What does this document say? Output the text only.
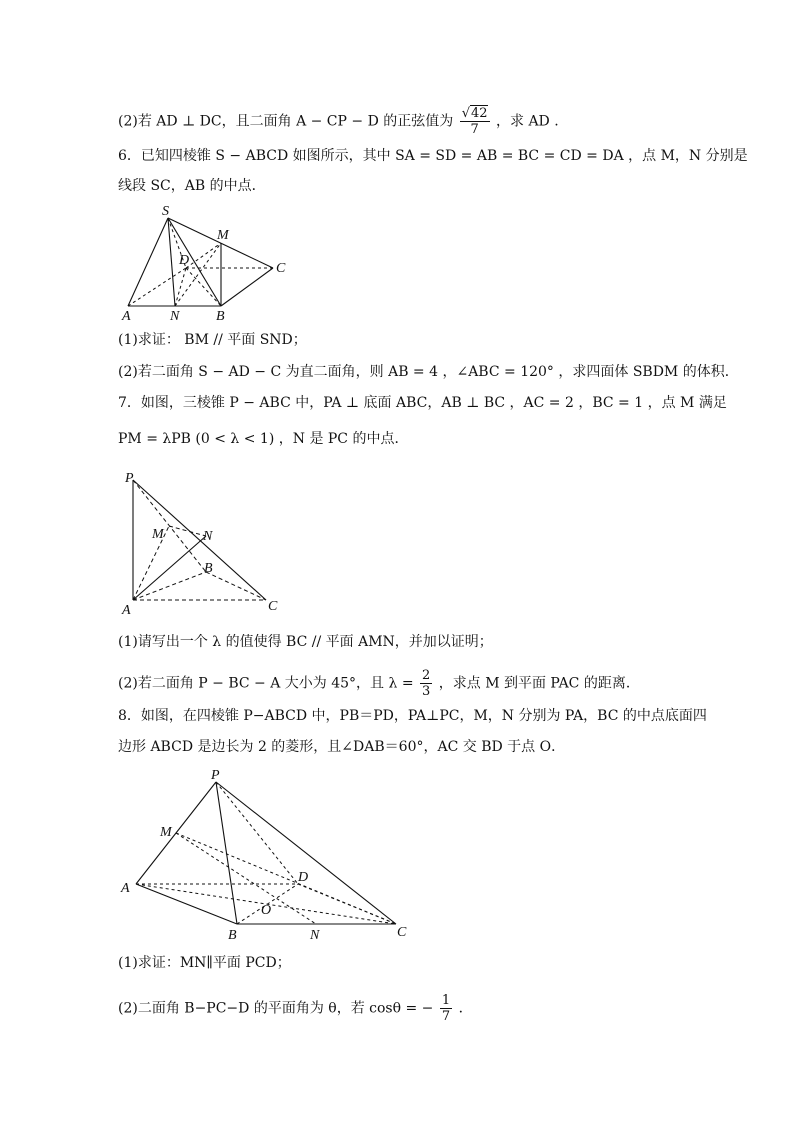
(2)若 AD ⊥ DC，且二面角 A − CP − D 的正弦值为 $\frac{√42}{7}$ ，求 AD .
6．已知四棱锥 S − ABCD 如图所示，其中 SA = SD = AB = BC = CD = DA ，点 M，N 分别是
线段 SC，AB 的中点．
S
M
D
C
A	N	B
(1)求证： BM // 平面 SND；
(2)若二面角 S − AD − C 为直二面角，则 AB = 4 ，∠ABC = 120° ，求四面体 SBDM 的体积．
7．如图，三棱锥 P − ABC 中，PA ⊥ 底面 ABC，AB ⊥ BC ，AC = 2 ，BC = 1 ，点 M 满足
PM = λPB (0 < λ < 1) ，N 是 PC 的中点．
P
M	N
B
A	C
(1)请写出一个 λ 的值使得 BC // 平面 AMN，并加以证明；
(2)若二面角 P − BC − A 大小为 45°，且 $\lambda = \frac{2}{3}$ ，求点 M 到平面 PAC 的距离．
8．如图，在四棱锥 P−ABCD 中，PB＝PD，PA⊥PC，M，N 分别为 PA，BC 的中点底面四
边形 ABCD 是边长为 2 的菱形，且∠DAB＝60°，AC 交 BD 于点 O．
P
M
A
D
O
B	N	C
(1)求证：MN∥平面 PCD；
(2)二面角 B−PC−D 的平面角为 θ，若 cosθ = − $\frac{1}{7}$ ．
